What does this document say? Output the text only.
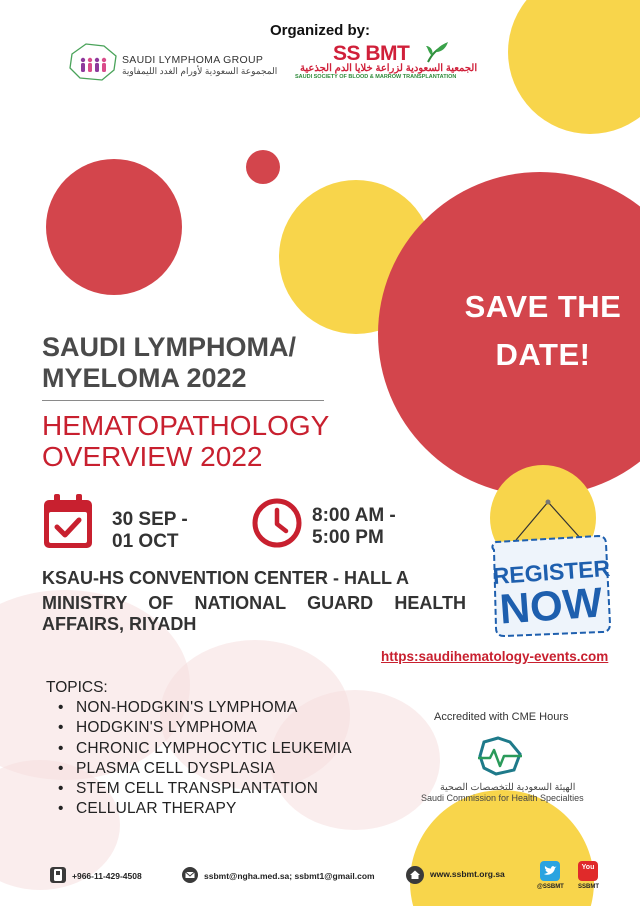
Organized by:
SAUDI LYMPHOMA GROUP
المجموعة السعودية لأورام الغدد الليمفاوية
SS BMT
الجمعية السعودية لزراعة خلايا الدم الجذعية
SAUDI SOCIETY OF BLOOD & MARROW TRANSPLANTATION
SAVE THE
DATE!
SAUDI LYMPHOMA/
MYELOMA 2022
HEMATOPATHOLOGY
OVERVIEW 2022
30 SEP -
01 OCT
8:00 AM -
5:00 PM
KSAU-HS CONVENTION CENTER - HALL A
MINISTRY OF NATIONAL GUARD HEALTH
AFFAIRS, RIYADH
REGISTER
NOW
https:saudihematology-events.com
TOPICS:
• NON-HODGKIN'S LYMPHOMA
• HODGKIN'S LYMPHOMA
• CHRONIC LYMPHOCYTIC LEUKEMIA
• PLASMA CELL DYSPLASIA
• STEM CELL TRANSPLANTATION
• CELLULAR THERAPY
Accredited with CME Hours
الهيئة السعودية للتخصصات الصحية
Saudi Commission for Health Specialties
+966-11-429-4508	ssbmt@ngha.med.sa; ssbmt1@gmail.com	www.ssbmt.org.sa
@SSBMT
You
SSBMT
